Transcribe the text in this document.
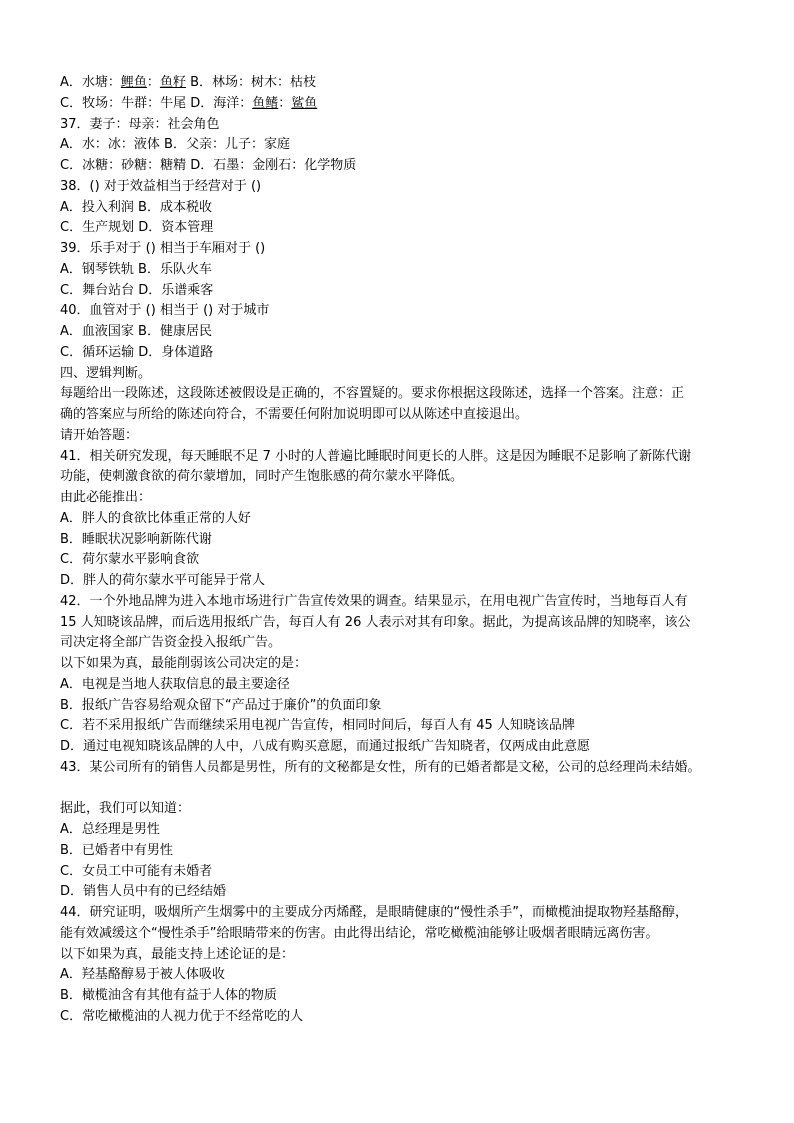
A．水塘：鲤鱼：鱼籽 B．林场：树木：枯枝
C．牧场：牛群：牛尾 D．海洋：鱼鳍：鲨鱼
37．妻子：母亲：社会角色
A．水：冰：液体 B．父亲：儿子：家庭
C．冰糖：砂糖：糖精 D．石墨：金刚石：化学物质
38．() 对于效益相当于经营对于 ()
A．投入利润 B．成本税收
C．生产规划 D．资本管理
39．乐手对于 () 相当于车厢对于 ()
A．钢琴铁轨 B．乐队火车
C．舞台站台 D．乐谱乘客
40．血管对于 () 相当于 () 对于城市
A．血液国家 B．健康居民
C．循环运输 D．身体道路
四、逻辑判断。
每题给出一段陈述，这段陈述被假设是正确的，不容置疑的。要求你根据这段陈述，选择一个答案。注意：正
确的答案应与所给的陈述向符合，不需要任何附加说明即可以从陈述中直接退出。
请开始答题：
41．相关研究发现，每天睡眠不足 7 小时的人普遍比睡眠时间更长的人胖。这是因为睡眠不足影响了新陈代谢
功能，使刺激食欲的荷尔蒙增加，同时产生饱胀感的荷尔蒙水平降低。
由此必能推出：
A．胖人的食欲比体重正常的人好
B．睡眠状况影响新陈代谢
C．荷尔蒙水平影响食欲
D．胖人的荷尔蒙水平可能异于常人
42．一个外地品牌为进入本地市场进行广告宣传效果的调查。结果显示，在用电视广告宣传时，当地每百人有
15 人知晓该品牌，而后选用报纸广告，每百人有 26 人表示对其有印象。据此，为提高该品牌的知晓率，该公
司决定将全部广告资金投入报纸广告。
以下如果为真，最能削弱该公司决定的是：
A．电视是当地人获取信息的最主要途径
B．报纸广告容易给观众留下“产品过于廉价”的负面印象
C．若不采用报纸广告而继续采用电视广告宣传，相同时间后，每百人有 45 人知晓该品牌
D．通过电视知晓该品牌的人中，八成有购买意愿，而通过报纸广告知晓者，仅两成由此意愿
43．某公司所有的销售人员都是男性，所有的文秘都是女性，所有的已婚者都是文秘，公司的总经理尚未结婚。
据此，我们可以知道：
A．总经理是男性
B．已婚者中有男性
C．女员工中可能有未婚者
D．销售人员中有的已经结婚
44．研究证明，吸烟所产生烟雾中的主要成分丙烯醛，是眼睛健康的“慢性杀手”，而橄榄油提取物羟基酪醇，
能有效减缓这个“慢性杀手”给眼睛带来的伤害。由此得出结论，常吃橄榄油能够让吸烟者眼睛远离伤害。
以下如果为真，最能支持上述论证的是：
A．羟基酪醇易于被人体吸收
B．橄榄油含有其他有益于人体的物质
C．常吃橄榄油的人视力优于不经常吃的人
